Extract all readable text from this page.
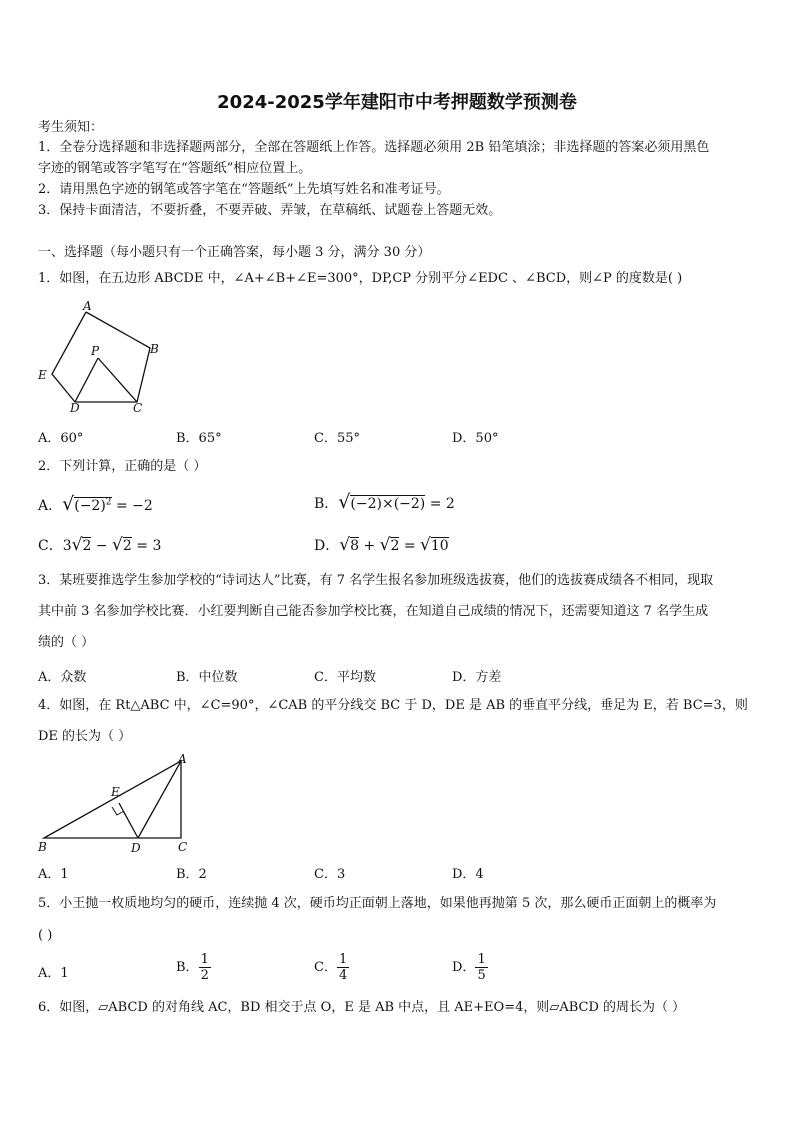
2024-2025学年建阳市中考押题数学预测卷
考生须知：
1．全卷分选择题和非选择题两部分，全部在答题纸上作答。选择题必须用 2B 铅笔填涂；非选择题的答案必须用黑色
字迹的钢笔或答字笔写在“答题纸”相应位置上。
2．请用黑色字迹的钢笔或答字笔在“答题纸”上先填写姓名和准考证号。
3．保持卡面清洁，不要折叠，不要弄破、弄皱，在草稿纸、试题卷上答题无效。
一、选择题（每小题只有一个正确答案，每小题 3 分，满分 30 分）
1．如图，在五边形 ABCDE 中，∠A+∠B+∠E=300°，DP,CP 分别平分∠EDC 、∠BCD，则∠P 的度数是( )
A
B
C
D
E
P
A．60°	B．65°	C．55°	D．50°
2．下列计算，正确的是（ ）
A．$√(-2)^2 = -2$	B．√(−2)×(−2) = 2
C．3√2 − √2 = 3	D．√8 + √2 = √10
3．某班要推选学生参加学校的“诗词达人”比赛，有 7 名学生报名参加班级选拔赛，他们的选拔赛成绩各不相同，现取
其中前 3 名参加学校比赛．小红要判断自己能否参加学校比赛，在知道自己成绩的情况下，还需要知道这 7 名学生成
绩的（ ）
A．众数	B．中位数	C．平均数	D．方差
4．如图，在 Rt△ABC 中，∠C=90°，∠CAB 的平分线交 BC 于 D，DE 是 AB 的垂直平分线，垂足为 E，若 BC=3，则
DE 的长为（ ）
A
E
B	D	C
A．1	B．2	C．3	D．4
5．小王抛一枚质地均匀的硬币，连续抛 4 次，硬币均正面朝上落地，如果他再抛第 5 次，那么硬币正面朝上的概率为
( )
A．1	B． $\frac{1}{2}$	C． $\frac{1}{4}$	D． $\frac{1}{5}$
6．如图，▱ABCD 的对角线 AC，BD 相交于点 O，E 是 AB 中点，且 AE+EO=4，则▱ABCD 的周长为（ ）
